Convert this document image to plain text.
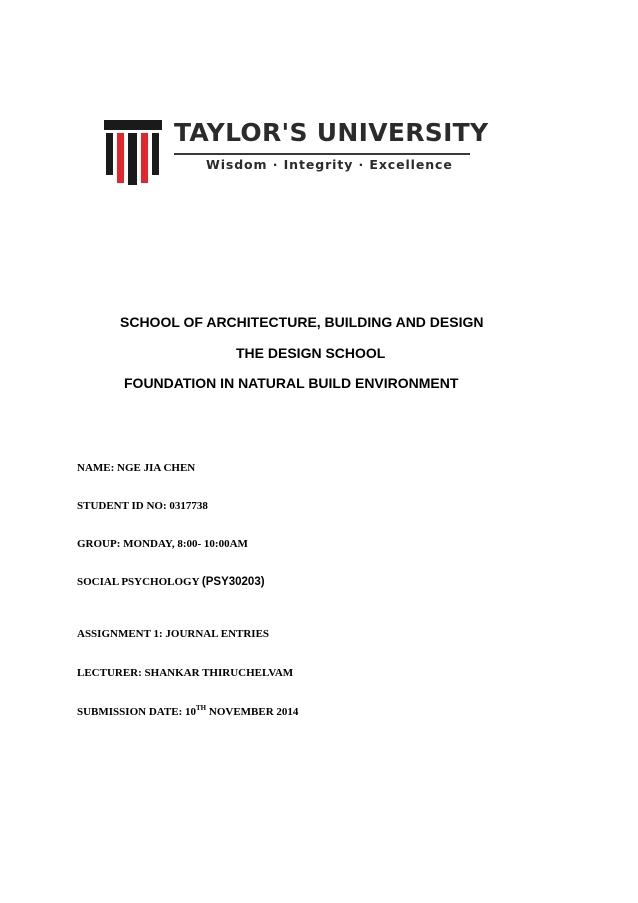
TAYLOR'S UNIVERSITY
Wisdom · Integrity · Excellence
SCHOOL OF ARCHITECTURE, BUILDING AND DESIGN
THE DESIGN SCHOOL
FOUNDATION IN NATURAL BUILD ENVIRONMENT
NAME: NGE JIA CHEN
STUDENT ID NO: 0317738
GROUP: MONDAY, 8:00- 10:00AM
SOCIAL PSYCHOLOGY (PSY30203)
ASSIGNMENT 1: JOURNAL ENTRIES
LECTURER: SHANKAR THIRUCHELVAM
SUBMISSION DATE: 10TH NOVEMBER 2014
